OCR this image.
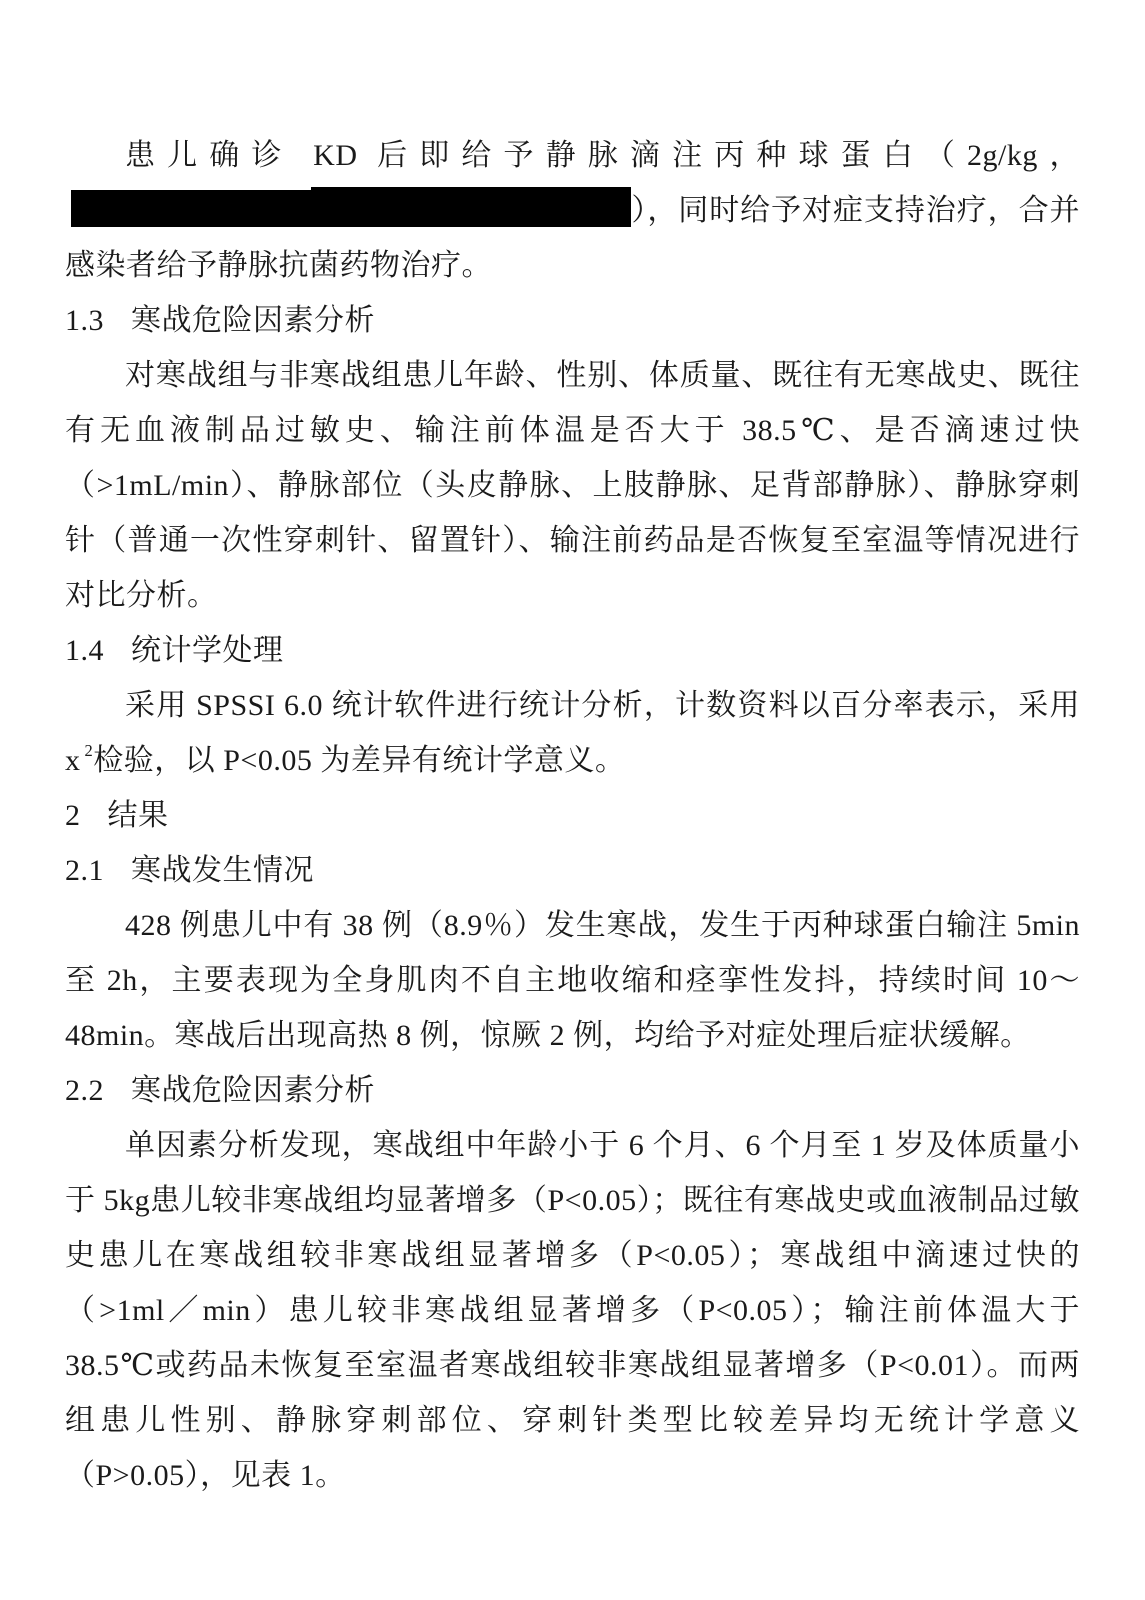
患儿确诊 KD 后即给予静脉滴注丙种球蛋白（2g/kg，），同时给予对症支持治疗，合并感染者给予静脉抗菌药物治疗。

1.3 寒战危险因素分析

对寒战组与非寒战组患儿年龄、性别、体质量、既往有无寒战史、既往有无血液制品过敏史、输注前体温是否大于 38.5℃、是否滴速过快（>1mL/min）、静脉部位（头皮静脉、上肢静脉、足背部静脉）、静脉穿刺针（普通一次性穿刺针、留置针）、输注前药品是否恢复至室温等情况进行对比分析。

1.4 统计学处理

采用 SPSSI 6.0 统计软件进行统计分析，计数资料以百分率表示，采用 x $^2$检验，以 P<0.05 为差异有统计学意义。

2 结果

2.1 寒战发生情况

428 例患儿中有 38 例（8.9％）发生寒战，发生于丙种球蛋白输注 5min 至 2h，主要表现为全身肌肉不自主地收缩和痉挛性发抖，持续时间 10～48min。寒战后出现高热 8 例，惊厥 2 例，均给予对症处理后症状缓解。

2.2 寒战危险因素分析

单因素分析发现，寒战组中年龄小于 6 个月、6 个月至 1 岁及体质量小于 5kg患儿较非寒战组均显著增多（P<0.05）；既往有寒战史或血液制品过敏史患儿在寒战组较非寒战组显著增多（P<0.05）；寒战组中滴速过快的（>1ml／min）患儿较非寒战组显著增多（P<0.05）；输注前体温大于 38.5℃或药品未恢复至室温者寒战组较非寒战组显著增多（P<0.01）。而两组患儿性别、静脉穿刺部位、穿刺针类型比较差异均无统计学意义（P>0.05），见表 1。
